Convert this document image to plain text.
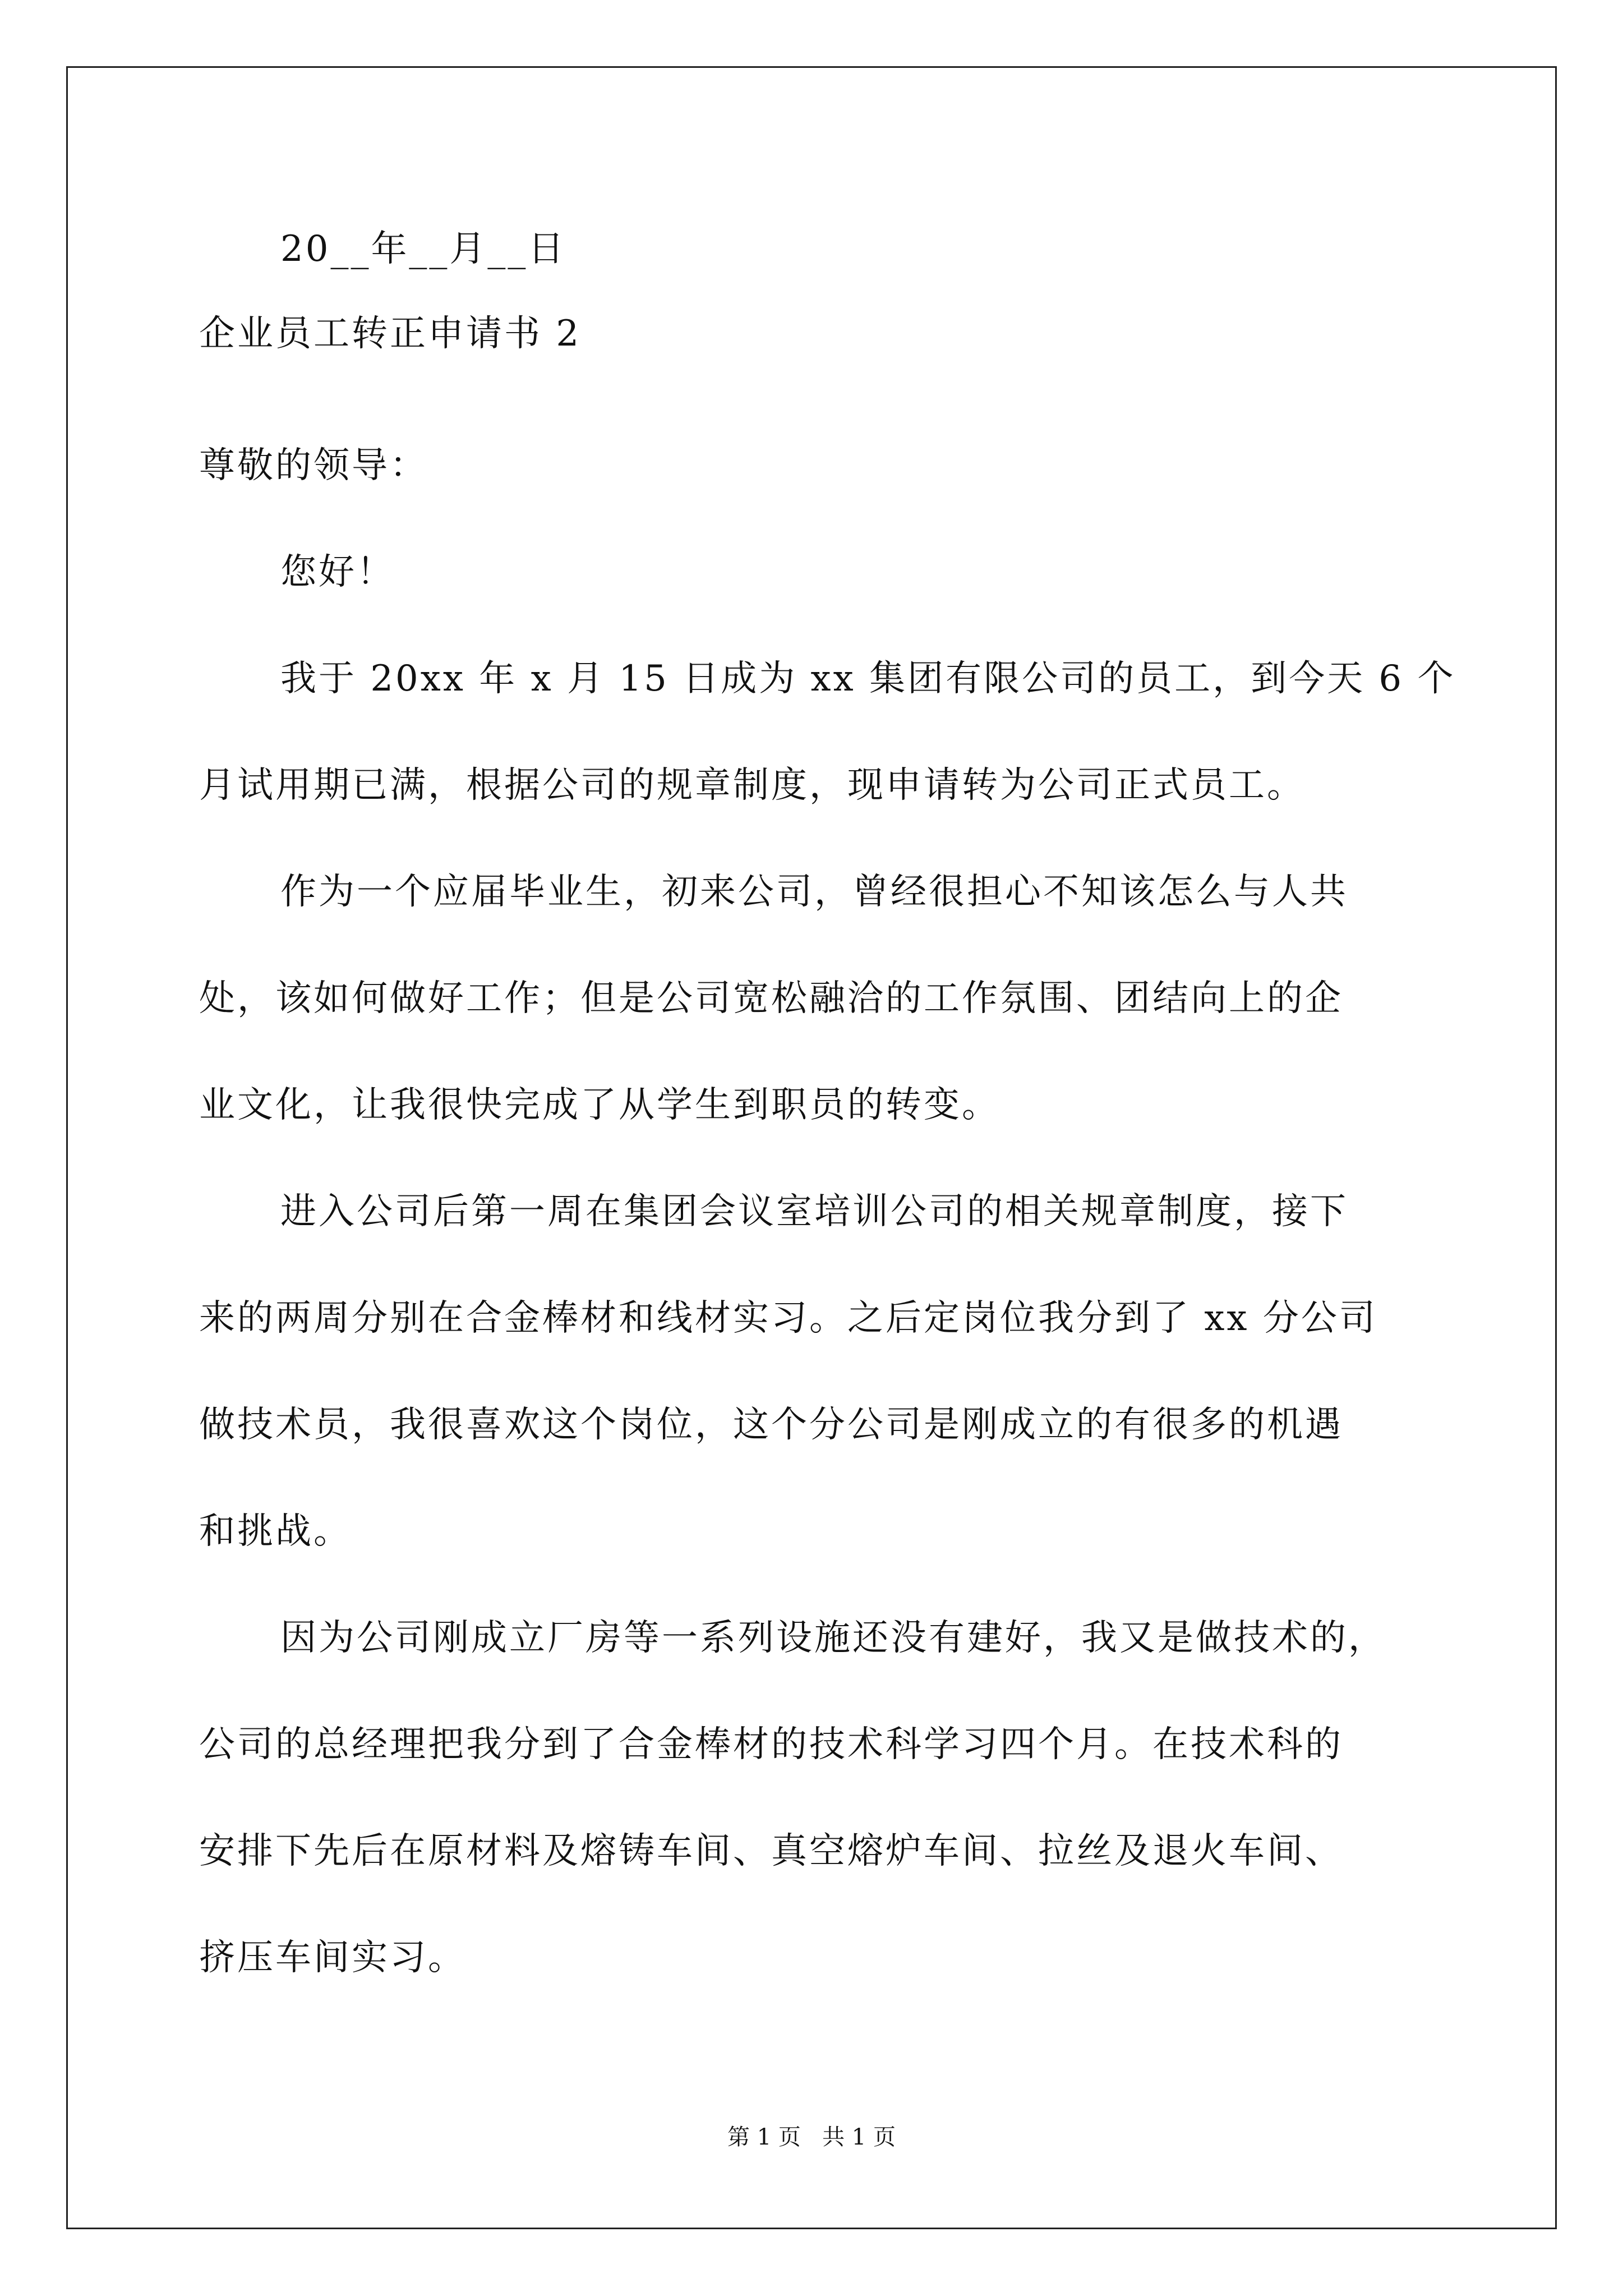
20__年__月__日
企业员工转正申请书 2
尊敬的领导：
您好！
我于 20xx 年 x 月 15 日成为 xx 集团有限公司的员工，到今天 6 个
月试用期已满，根据公司的规章制度，现申请转为公司正式员工。
作为一个应届毕业生，初来公司，曾经很担心不知该怎么与人共
处，该如何做好工作；但是公司宽松融洽的工作氛围、团结向上的企
业文化，让我很快完成了从学生到职员的转变。
进入公司后第一周在集团会议室培训公司的相关规章制度，接下
来的两周分别在合金棒材和线材实习。之后定岗位我分到了 xx 分公司
做技术员，我很喜欢这个岗位，这个分公司是刚成立的有很多的机遇
和挑战。
因为公司刚成立厂房等一系列设施还没有建好，我又是做技术的，
公司的总经理把我分到了合金棒材的技术科学习四个月。在技术科的
安排下先后在原材料及熔铸车间、真空熔炉车间、拉丝及退火车间、
挤压车间实习。
第 1 页   共 1 页
